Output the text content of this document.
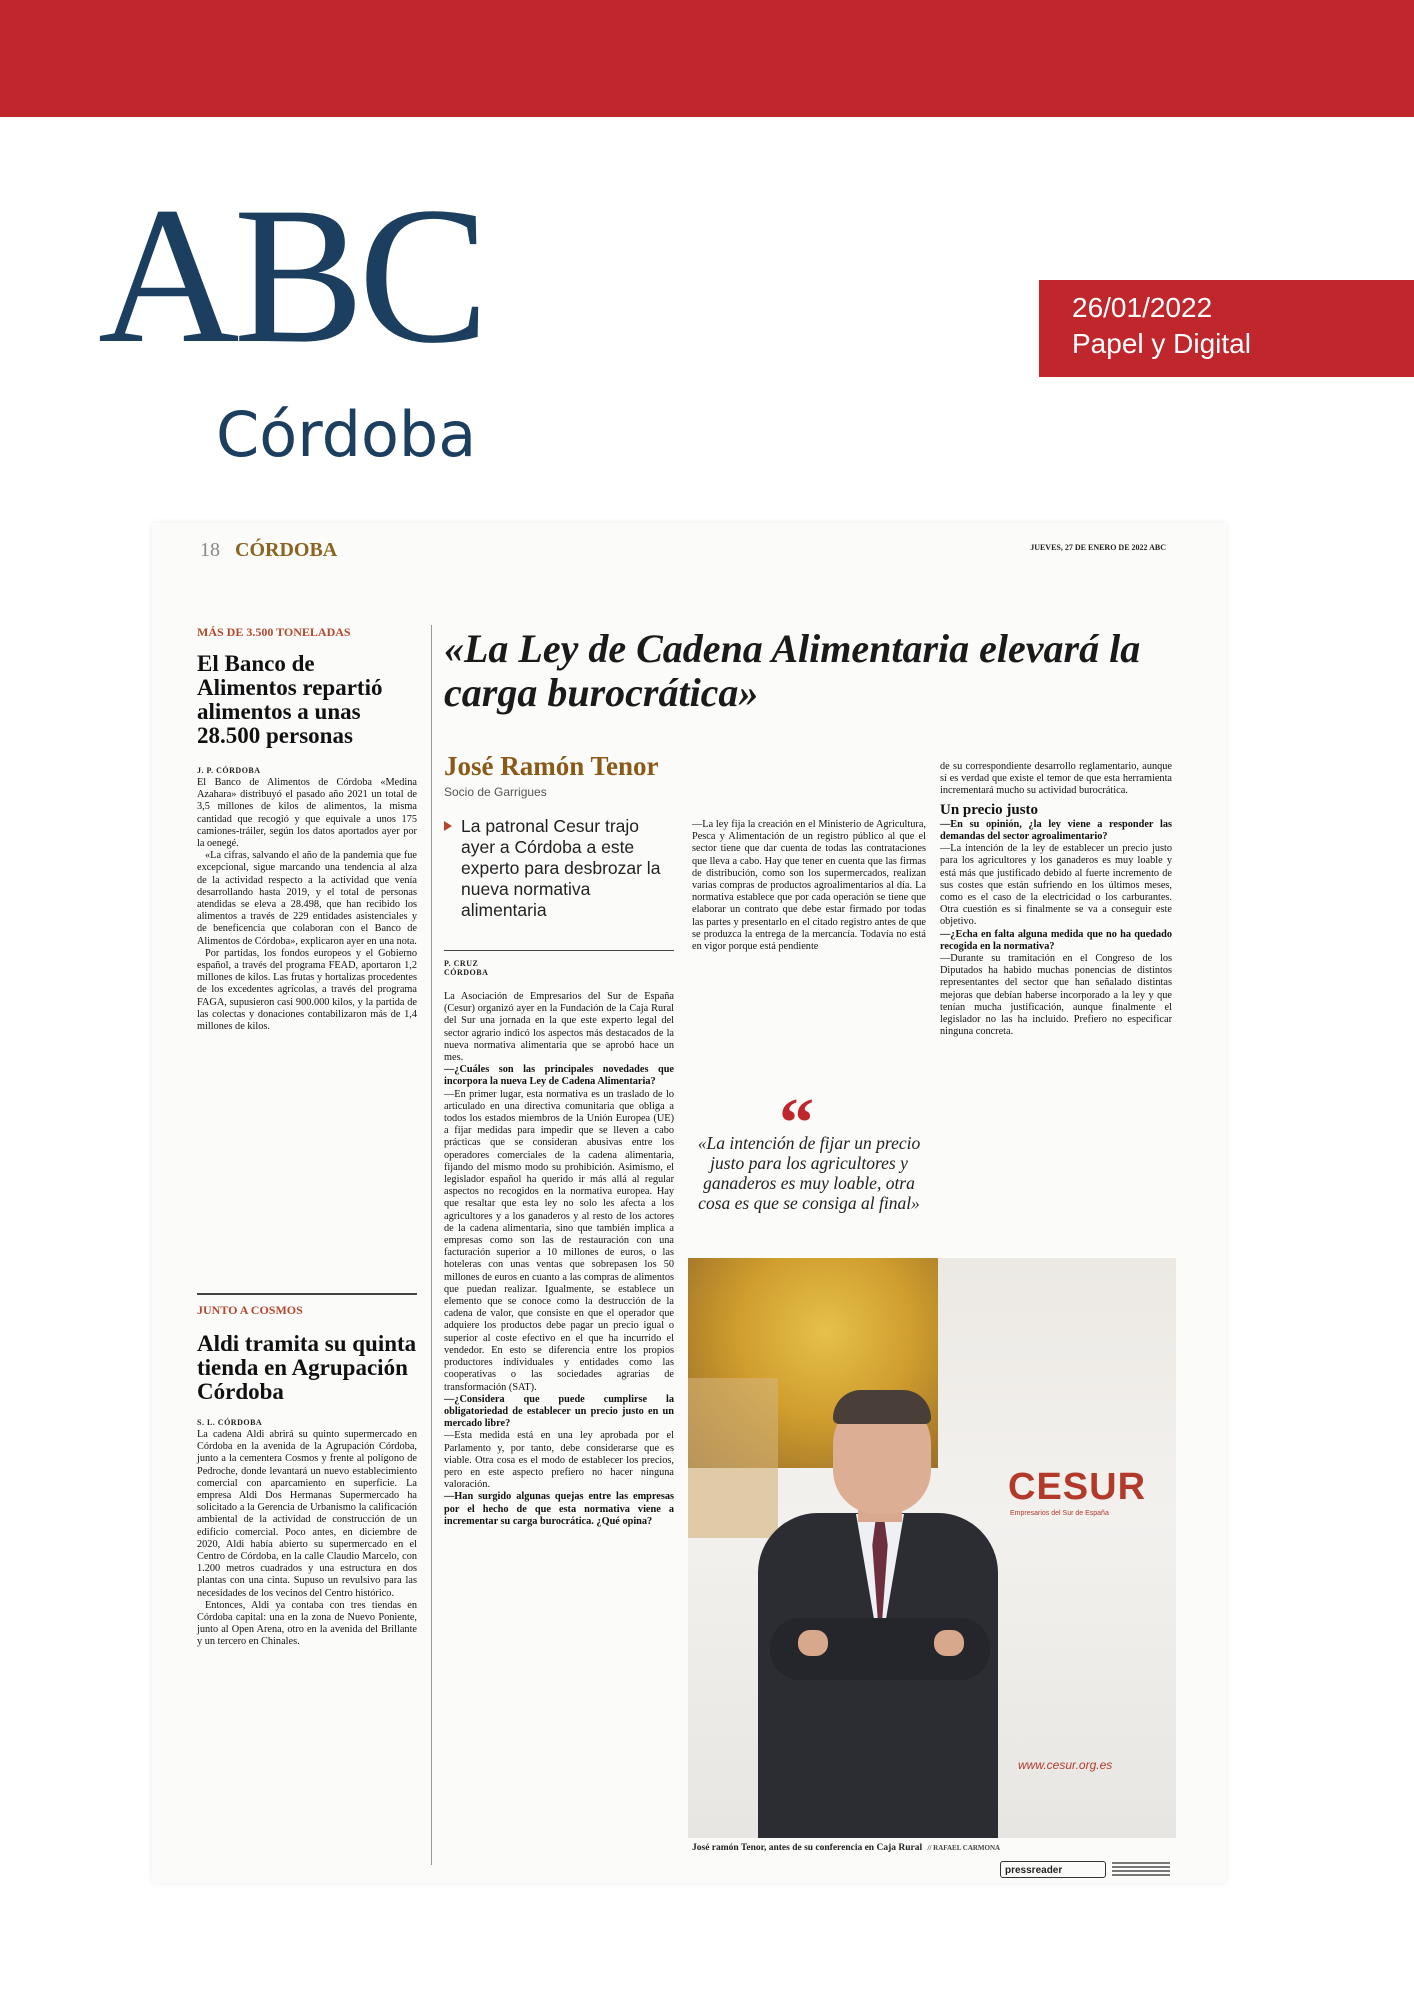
ABC
Córdoba
26/01/2022
Papel y Digital
18 CÓRDOBA	JUEVES, 27 DE ENERO DE 2022 ABC
MÁS DE 3.500 TONELADAS
El Banco de Alimentos repartió alimentos a unas 28.500 personas
J. P. CÓRDOBA

El Banco de Alimentos de Córdoba «Medina Azahara» distribuyó el pasado año 2021 un total de 3,5 millones de kilos de alimentos, la misma cantidad que recogió y que equivale a unos 175 camiones-tráiler, según los datos aportados ayer por la oenegé.

«La cifras, salvando el año de la pandemia que fue excepcional, sigue marcando una tendencia al alza de la actividad respecto a la actividad que venía desarrollando hasta 2019, y el total de personas atendidas se eleva a 28.498, que han recibido los alimentos a través de 229 entidades asistenciales y de beneficencia que colaboran con el Banco de Alimentos de Córdoba», explicaron ayer en una nota.

Por partidas, los fondos europeos y el Gobierno español, a través del programa FEAD, aportaron 1,2 millones de kilos. Las frutas y hortalizas procedentes de los excedentes agrícolas, a través del programa FAGA, supusieron casi 900.000 kilos, y la partida de las colectas y donaciones contabilizaron más de 1,4 millones de kilos.

JUNTO A COSMOS
Aldi tramita su quinta tienda en Agrupación Córdoba
S. L. CÓRDOBA

La cadena Aldi abrirá su quinto supermercado en Córdoba en la avenida de la Agrupación Córdoba, junto a la cementera Cosmos y frente al polígono de Pedroche, donde levantará un nuevo establecimiento comercial con aparcamiento en superficie. La empresa Aldi Dos Hermanas Supermercado ha solicitado a la Gerencia de Urbanismo la calificación ambiental de la actividad de construcción de un edificio comercial. Poco antes, en diciembre de 2020, Aldi había abierto su supermercado en el Centro de Córdoba, en la calle Claudio Marcelo, con 1.200 metros cuadrados y una estructura en dos plantas con una cinta. Supuso un revulsivo para las necesidades de los vecinos del Centro histórico.

Entonces, Aldi ya contaba con tres tiendas en Córdoba capital: una en la zona de Nuevo Poniente, junto al Open Arena, otro en la avenida del Brillante y un tercero en Chinales.

«La Ley de Cadena Alimentaria elevará la carga burocrática»
José Ramón Tenor
Socio de Garrigues
La patronal Cesur trajo ayer a Córdoba a este experto para desbrozar la nueva normativa alimentaria
P. CRUZ
CÓRDOBA

La Asociación de Empresarios del Sur de España (Cesur) organizó ayer en la Fundación de la Caja Rural del Sur una jornada en la que este experto legal del sector agrario indicó los aspectos más destacados de la nueva normativa alimentaria que se aprobó hace un mes.

—¿Cuáles son las principales novedades que incorpora la nueva Ley de Cadena Alimentaria?

—En primer lugar, esta normativa es un traslado de lo articulado en una directiva comunitaria que obliga a todos los estados miembros de la Unión Europea (UE) a fijar medidas para impedir que se lleven a cabo prácticas que se consideran abusivas entre los operadores comerciales de la cadena alimentaria, fijando del mismo modo su prohibición. Asimismo, el legislador español ha querido ir más allá al regular aspectos no recogidos en la normativa europea. Hay que resaltar que esta ley no solo les afecta a los agricultores y a los ganaderos y al resto de los actores de la cadena alimentaria, sino que también implica a empresas como son las de restauración con una facturación superior a 10 millones de euros, o las hoteleras con unas ventas que sobrepasen los 50 millones de euros en cuanto a las compras de alimentos que puedan realizar. Igualmente, se establece un elemento que se conoce como la destrucción de la cadena de valor, que consiste en que el operador que adquiere los productos debe pagar un precio igual o superior al coste efectivo en el que ha incurrido el vendedor. En esto se diferencia entre los propios productores individuales y entidades como las cooperativas o las sociedades agrarias de transformación (SAT).

—¿Considera que puede cumplirse la obligatoriedad de establecer un precio justo en un mercado libre?

—Esta medida está en una ley aprobada por el Parlamento y, por tanto, debe considerarse que es viable. Otra cosa es el modo de establecer los precios, pero en este aspecto prefiero no hacer ninguna valoración.

—Han surgido algunas quejas entre las empresas por el hecho de que esta normativa viene a incrementar su carga burocrática. ¿Qué opina?

—La ley fija la creación en el Ministerio de Agricultura, Pesca y Alimentación de un registro público al que el sector tiene que dar cuenta de todas las contrataciones que lleva a cabo. Hay que tener en cuenta que las firmas de distribución, como son los supermercados, realizan varias compras de productos agroalimentarios al día. La normativa establece que por cada operación se tiene que elaborar un contrato que debe estar firmado por todas las partes y presentarlo en el citado registro antes de que se produzca la entrega de la mercancía. Todavía no está en vigor porque está pendiente

“
«La intención de fijar un precio justo para los agricultores y ganaderos es muy loable, otra cosa es que se consiga al final»

de su correspondiente desarrollo reglamentario, aunque sí es verdad que existe el temor de que esta herramienta incrementará mucho su actividad burocrática.

Un precio justo

—En su opinión, ¿la ley viene a responder las demandas del sector agroalimentario?

—La intención de la ley de establecer un precio justo para los agricultores y los ganaderos es muy loable y está más que justificado debido al fuerte incremento de sus costes que están sufriendo en los últimos meses, como es el caso de la electricidad o los carburantes. Otra cuestión es si finalmente se va a conseguir este objetivo.

—¿Echa en falta alguna medida que no ha quedado recogida en la normativa?

—Durante su tramitación en el Congreso de los Diputados ha habido muchas ponencias de distintos representantes del sector que han señalado distintas mejoras que debían haberse incorporado a la ley y que tenían mucha justificación, aunque finalmente el legislador no las ha incluido. Prefiero no especificar ninguna concreta.

CESUR
Empresarios del Sur de España
www.cesur.org.es
José ramón Tenor, antes de su conferencia en Caja Rural // RAFAEL CARMONA
pressreader
